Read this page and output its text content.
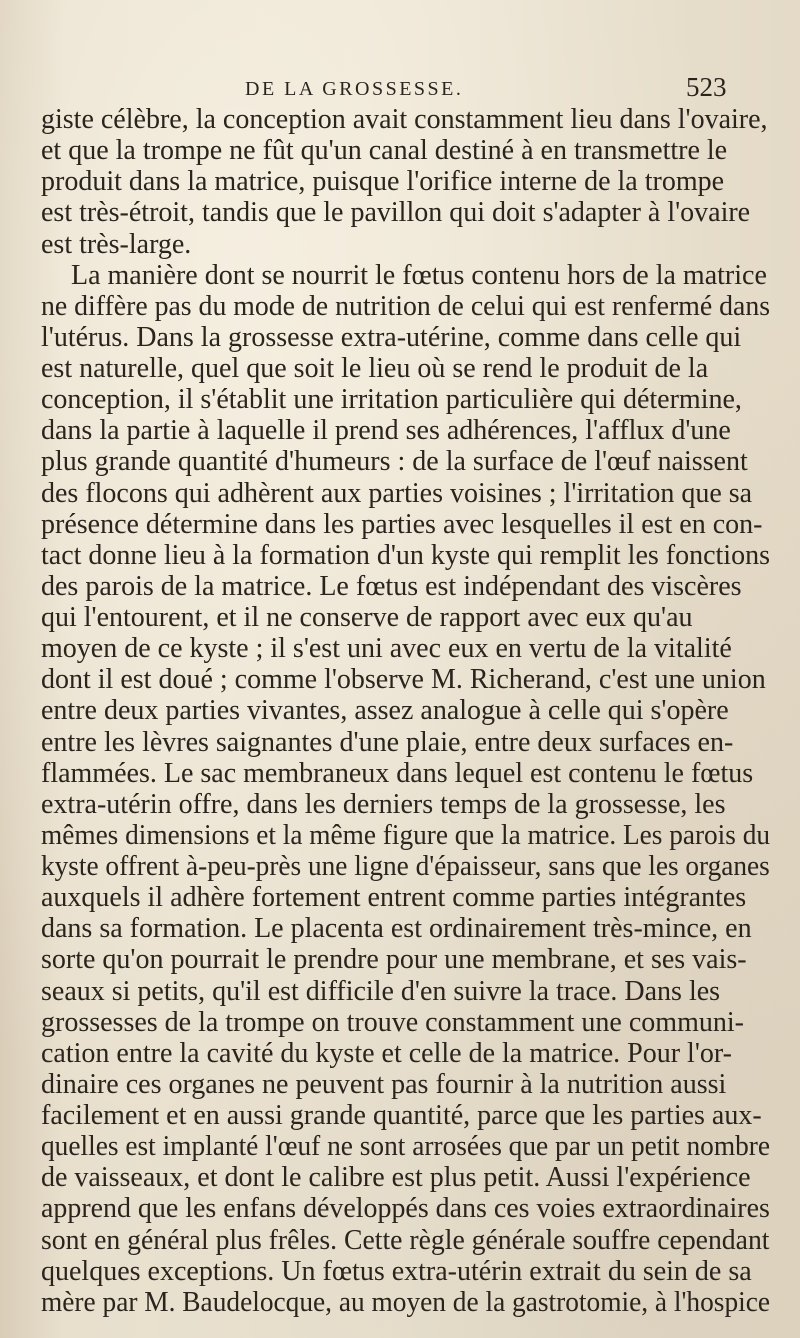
DE LA GROSSESSE.	523
giste célèbre, la conception avait constamment lieu dans l'ovaire,
et que la trompe ne fût qu'un canal destiné à en transmettre le
produit dans la matrice, puisque l'orifice interne de la trompe
est très-étroit, tandis que le pavillon qui doit s'adapter à l'ovaire
est très-large.
La manière dont se nourrit le fœtus contenu hors de la matrice
ne diffère pas du mode de nutrition de celui qui est renfermé dans
l'utérus. Dans la grossesse extra-utérine, comme dans celle qui
est naturelle, quel que soit le lieu où se rend le produit de la
conception, il s'établit une irritation particulière qui détermine,
dans la partie à laquelle il prend ses adhérences, l'afflux d'une
plus grande quantité d'humeurs : de la surface de l'œuf naissent
des flocons qui adhèrent aux parties voisines ; l'irritation que sa
présence détermine dans les parties avec lesquelles il est en con-
tact donne lieu à la formation d'un kyste qui remplit les fonctions
des parois de la matrice. Le fœtus est indépendant des viscères
qui l'entourent, et il ne conserve de rapport avec eux qu'au
moyen de ce kyste ; il s'est uni avec eux en vertu de la vitalité
dont il est doué ; comme l'observe M. Richerand, c'est une union
entre deux parties vivantes, assez analogue à celle qui s'opère
entre les lèvres saignantes d'une plaie, entre deux surfaces en-
flammées. Le sac membraneux dans lequel est contenu le fœtus
extra-utérin offre, dans les derniers temps de la grossesse, les
mêmes dimensions et la même figure que la matrice. Les parois du
kyste offrent à-peu-près une ligne d'épaisseur, sans que les organes
auxquels il adhère fortement entrent comme parties intégrantes
dans sa formation. Le placenta est ordinairement très-mince, en
sorte qu'on pourrait le prendre pour une membrane, et ses vais-
seaux si petits, qu'il est difficile d'en suivre la trace. Dans les
grossesses de la trompe on trouve constamment une communi-
cation entre la cavité du kyste et celle de la matrice. Pour l'or-
dinaire ces organes ne peuvent pas fournir à la nutrition aussi
facilement et en aussi grande quantité, parce que les parties aux-
quelles est implanté l'œuf ne sont arrosées que par un petit nombre
de vaisseaux, et dont le calibre est plus petit. Aussi l'expérience
apprend que les enfans développés dans ces voies extraordinaires
sont en général plus frêles. Cette règle générale souffre cependant
quelques exceptions. Un fœtus extra-utérin extrait du sein de sa
mère par M. Baudelocque, au moyen de la gastrotomie, à l'hospice
